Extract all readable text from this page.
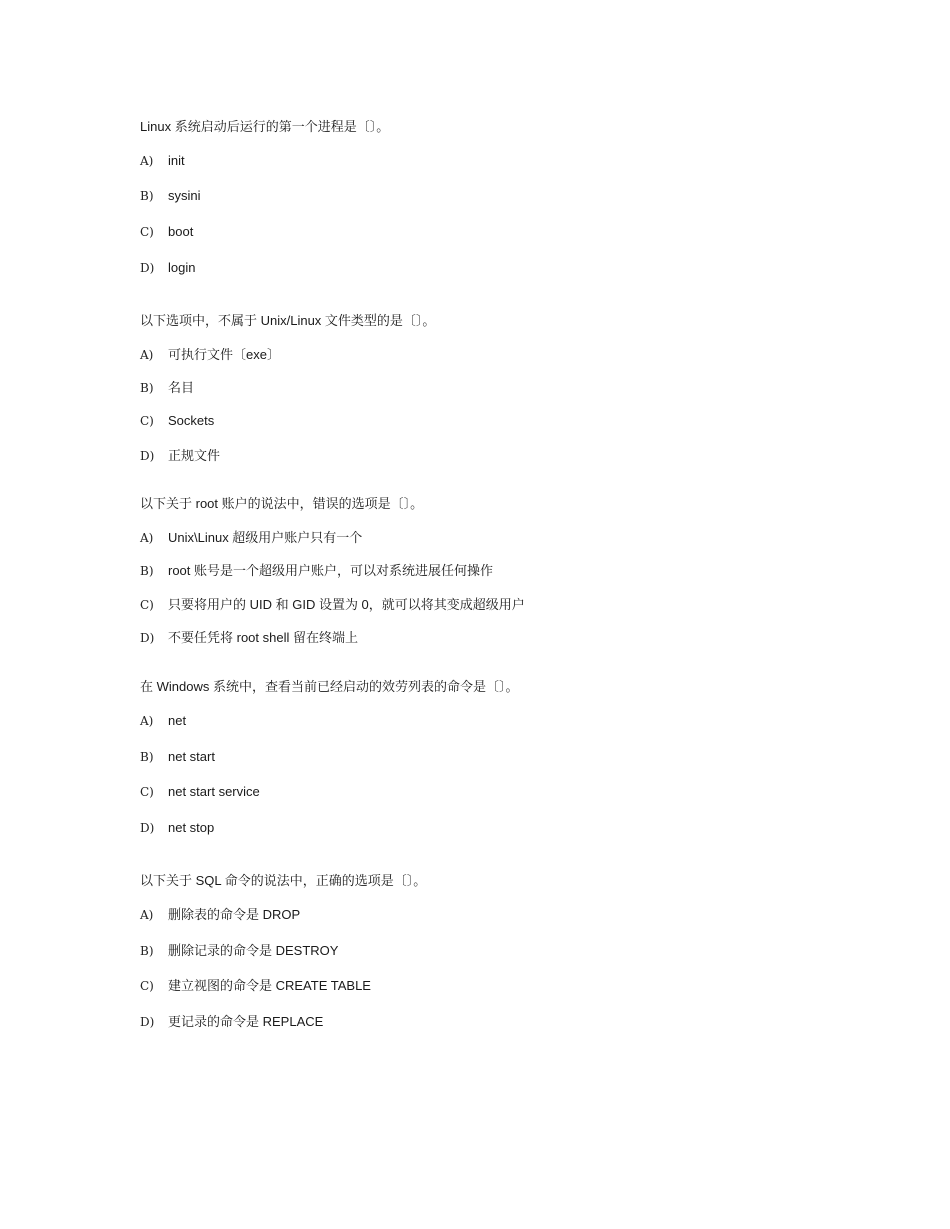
Linux 系统启动后运行的第一个进程是〔〕。
A)	init
B)	sysini
C)	boot
D)	login
以下选项中，不属于 Unix/Linux 文件类型的是〔〕。
A)	可执行文件〔exe〕
B)	名目
C)	Sockets
D)	正规文件
以下关于 root 账户的说法中，错误的选项是〔〕。
A)	Unix\Linux 超级用户账户只有一个
B)	root 账号是一个超级用户账户，可以对系统进展任何操作
C)	只要将用户的 UID 和 GID 设置为 0，就可以将其变成超级用户
D)	不要任凭将 root shell 留在终端上
在 Windows 系统中，查看当前已经启动的效劳列表的命令是〔〕。
A)	net
B)	net start
C)	net start service
D)	net stop
以下关于 SQL 命令的说法中，正确的选项是〔〕。
A)	删除表的命令是 DROP
B)	删除记录的命令是 DESTROY
C)	建立视图的命令是 CREATE TABLE
D)	更记录的命令是 REPLACE
